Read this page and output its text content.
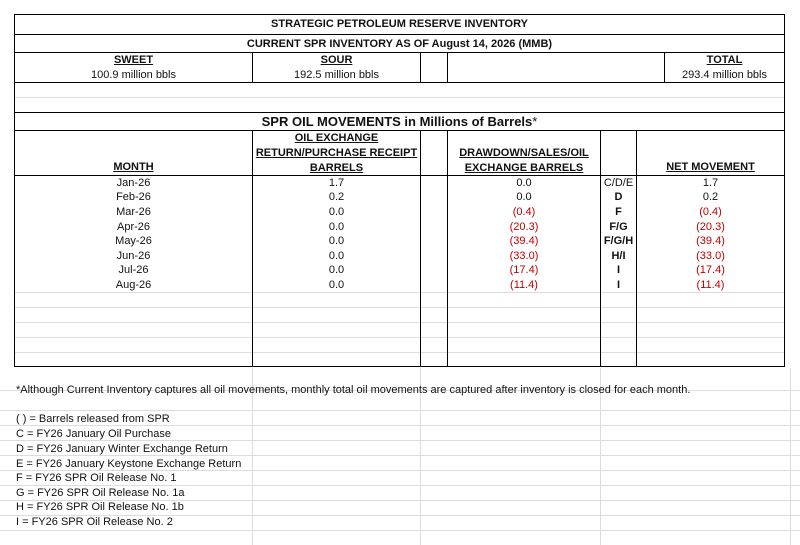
STRATEGIC PETROLEUM RESERVE INVENTORY
CURRENT SPR INVENTORY AS OF August 14, 2026 (MMB)
SWEET	SOUR	TOTAL
100.9 million bbls	192.5 million bbls	293.4 million bbls
SPR OIL MOVEMENTS in Millions of Barrels*
MONTH
OIL EXCHANGE
RETURN/PURCHASE RECEIPT
BARRELS
DRAWDOWN/SALES/OIL
EXCHANGE BARRELS	NET MOVEMENT
Jan-26	1.7	0.0	C/D/E	1.7
Feb-26	0.2	0.0	D	0.2
Mar-26	0.0	(0.4)	F	(0.4)
Apr-26	0.0	(20.3)	F/G	(20.3)
May-26	0.0	(39.4)	F/G/H	(39.4)
Jun-26	0.0	(33.0)	H/I	(33.0)
Jul-26	0.0	(17.4)	I	(17.4)
Aug-26	0.0	(11.4)	I	(11.4)
*Although Current Inventory captures all oil movements, monthly total oil movements are captured after inventory is closed for each month.
( ) = Barrels released from SPR
C = FY26 January Oil Purchase
D = FY26 January Winter Exchange Return
E = FY26 January Keystone Exchange Return
F = FY26 SPR Oil Release No. 1
G = FY26 SPR Oil Release No. 1a
H = FY26 SPR Oil Release No. 1b
I = FY26 SPR Oil Release No. 2
